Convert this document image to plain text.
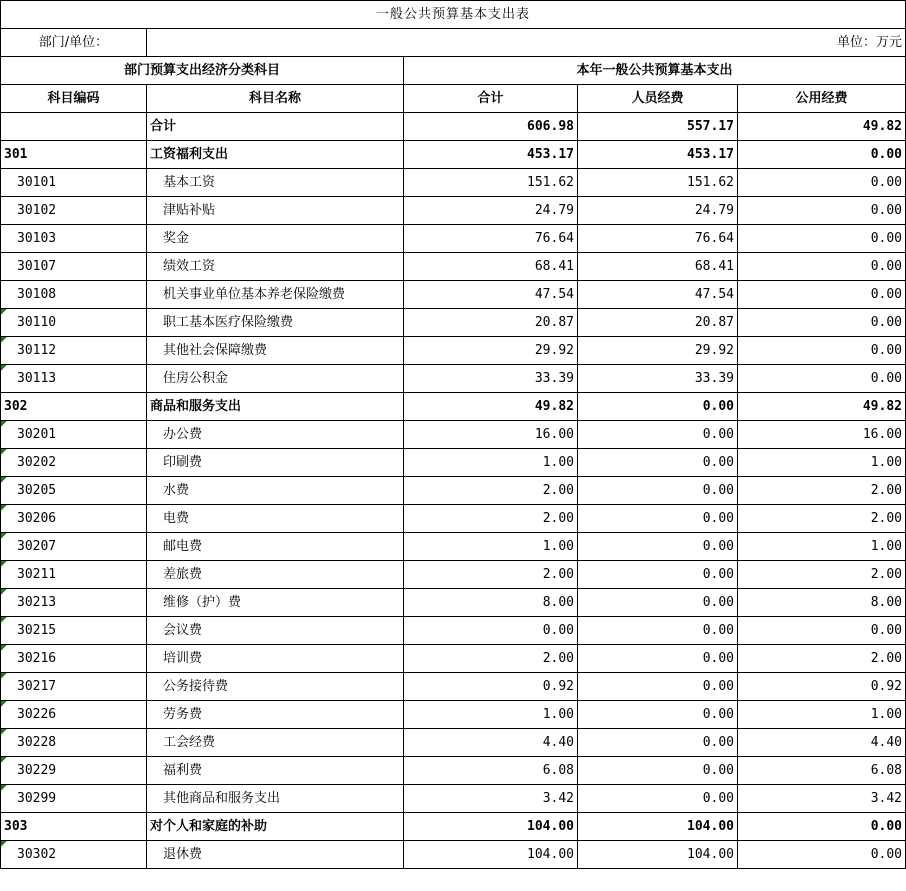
一般公共预算基本支出表				
部门/单位：	单位：万元			
部门预算支出经济分类科目		本年一般公共预算基本支出		
科目编码	科目名称	合计	人员经费	公用经费
	合计	606.98	557.17	49.82
301	工资福利支出	453.17	453.17	0.00
30101	基本工资	151.62	151.62	0.00
30102	津贴补贴	24.79	24.79	0.00
30103	奖金	76.64	76.64	0.00
30107	绩效工资	68.41	68.41	0.00
30108	机关事业单位基本养老保险缴费	47.54	47.54	0.00
30110	职工基本医疗保险缴费	20.87	20.87	0.00
30112	其他社会保障缴费	29.92	29.92	0.00
30113	住房公积金	33.39	33.39	0.00
302	商品和服务支出	49.82	0.00	49.82
30201	办公费	16.00	0.00	16.00
30202	印刷费	1.00	0.00	1.00
30205	水费	2.00	0.00	2.00
30206	电费	2.00	0.00	2.00
30207	邮电费	1.00	0.00	1.00
30211	差旅费	2.00	0.00	2.00
30213	维修（护）费	8.00	0.00	8.00
30215	会议费	0.00	0.00	0.00
30216	培训费	2.00	0.00	2.00
30217	公务接待费	0.92	0.00	0.92
30226	劳务费	1.00	0.00	1.00
30228	工会经费	4.40	0.00	4.40
30229	福利费	6.08	0.00	6.08
30299	其他商品和服务支出	3.42	0.00	3.42
303	对个人和家庭的补助	104.00	104.00	0.00
30302	退休费	104.00	104.00	0.00
